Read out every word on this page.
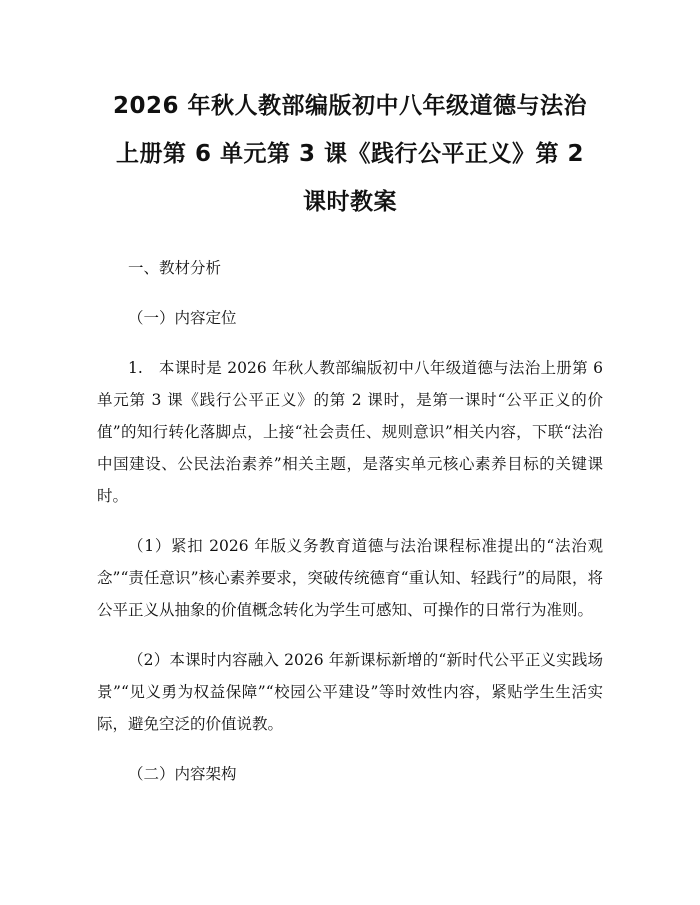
2026 年秋人教部编版初中八年级道德与法治
上册第 6 单元第 3 课《践行公平正义》第 2
课时教案

一、教材分析

（一）内容定位

1.　本课时是 2026 年秋人教部编版初中八年级道德与法治上册第 6 单元第 3 课《践行公平正义》的第 2 课时，是第一课时“公平正义的价值”的知行转化落脚点，上接“社会责任、规则意识”相关内容，下联“法治中国建设、公民法治素养”相关主题，是落实单元核心素养目标的关键课时。

（1）紧扣 2026 年版义务教育道德与法治课程标准提出的“法治观念”“责任意识”核心素养要求，突破传统德育“重认知、轻践行”的局限，将公平正义从抽象的价值概念转化为学生可感知、可操作的日常行为准则。

（2）本课时内容融入 2026 年新课标新增的“新时代公平正义实践场景”“见义勇为权益保障”“校园公平建设”等时效性内容，紧贴学生生活实际，避免空泛的价值说教。

（二）内容架构
